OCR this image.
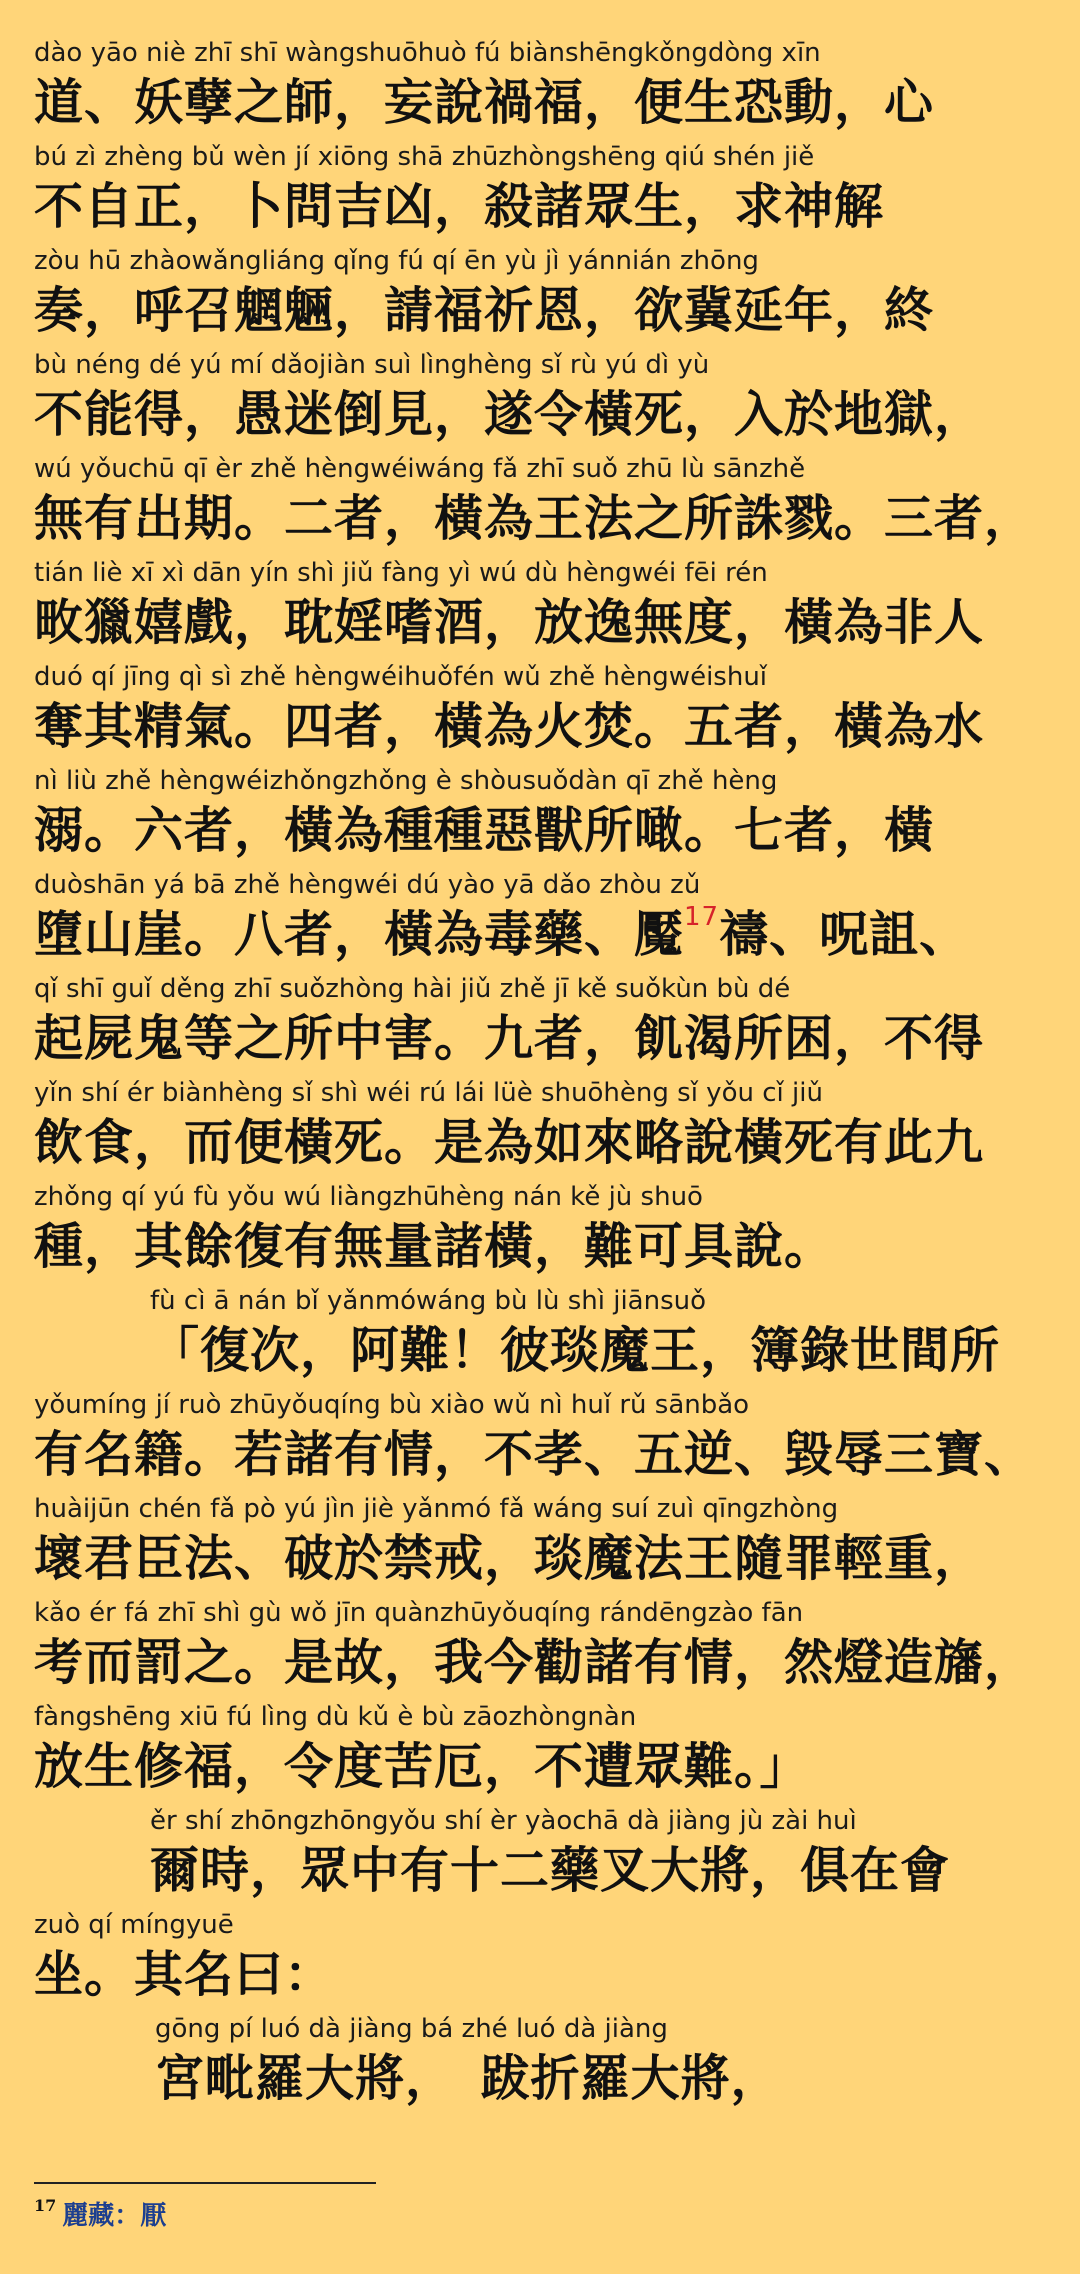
dào yāo niè zhī shī wàngshuōhuò fú biànshēngkǒngdòng xīn
道、妖孽之師，妄說禍福，便生恐動，心
bú zì zhèng bǔ wèn jí xiōng shā zhūzhòngshēng qiú shén jiě
不自正，卜問吉凶，殺諸眾生，求神解
zòu hū zhàowǎngliáng qǐng fú qí ēn yù jì yánnián zhōng
奏，呼召魍魎，請福祈恩，欲冀延年，終
bù néng dé yú mí dǎojiàn suì lìnghèng sǐ rù yú dì yù
不能得，愚迷倒見，遂令橫死，入於地獄，
wú yǒuchū qī èr zhě hèngwéiwáng fǎ zhī suǒ zhū lù sānzhě
無有出期。二者，橫為王法之所誅戮。三者，
tián liè xī xì dān yín shì jiǔ fàng yì wú dù hèngwéi fēi rén
畋獵嬉戲，耽婬嗜酒，放逸無度，橫為非人
duó qí jīng qì sì zhě hèngwéihuǒfén wǔ zhě hèngwéishuǐ
奪其精氣。四者，橫為火焚。五者，橫為水
nì liù zhě hèngwéizhǒngzhǒng è shòusuǒdàn qī zhě hèng
溺。六者，橫為種種惡獸所噉。七者，橫
duòshān yá bā zhě hèngwéi dú yào yā dǎo zhòu zǔ
墮山崖。八者，橫為毒藥、魘$^{17}$禱、呪詛、
qǐ shī guǐ děng zhī suǒzhòng hài jiǔ zhě jī kě suǒkùn bù dé
起屍鬼等之所中害。九者，飢渴所困，不得
yǐn shí ér biànhèng sǐ shì wéi rú lái lüè shuōhèng sǐ yǒu cǐ jiǔ
飲食，而便橫死。是為如來略說橫死有此九
zhǒng qí yú fù yǒu wú liàngzhūhèng nán kě jù shuō
種，其餘復有無量諸橫，難可具說。
fù cì ā nán bǐ yǎnmówáng bù lù shì jiānsuǒ
「復次，阿難！彼琰魔王，簿錄世間所
yǒumíng jí ruò zhūyǒuqíng bù xiào wǔ nì huǐ rǔ sānbǎo
有名籍。若諸有情，不孝、五逆、毀辱三寶、
huàijūn chén fǎ pò yú jìn jiè yǎnmó fǎ wáng suí zuì qīngzhòng
壞君臣法、破於禁戒，琰魔法王隨罪輕重，
kǎo ér fá zhī shì gù wǒ jīn quànzhūyǒuqíng rándēngzào fān
考而罰之。是故，我今勸諸有情，然燈造旛，
fàngshēng xiū fú lìng dù kǔ è bù zāozhòngnàn
放生修福，令度苦厄，不遭眾難。」
ěr shí zhōngzhōngyǒu shí èr yàochā dà jiàng jù zài huì
爾時，眾中有十二藥叉大將，俱在會
zuò qí míngyuē
坐。其名曰：
gōng pí luó dà jiàng bá zhé luó dà jiàng
宮毗羅大將，　跋折羅大將，
$^{17}$ 麗藏：厭
